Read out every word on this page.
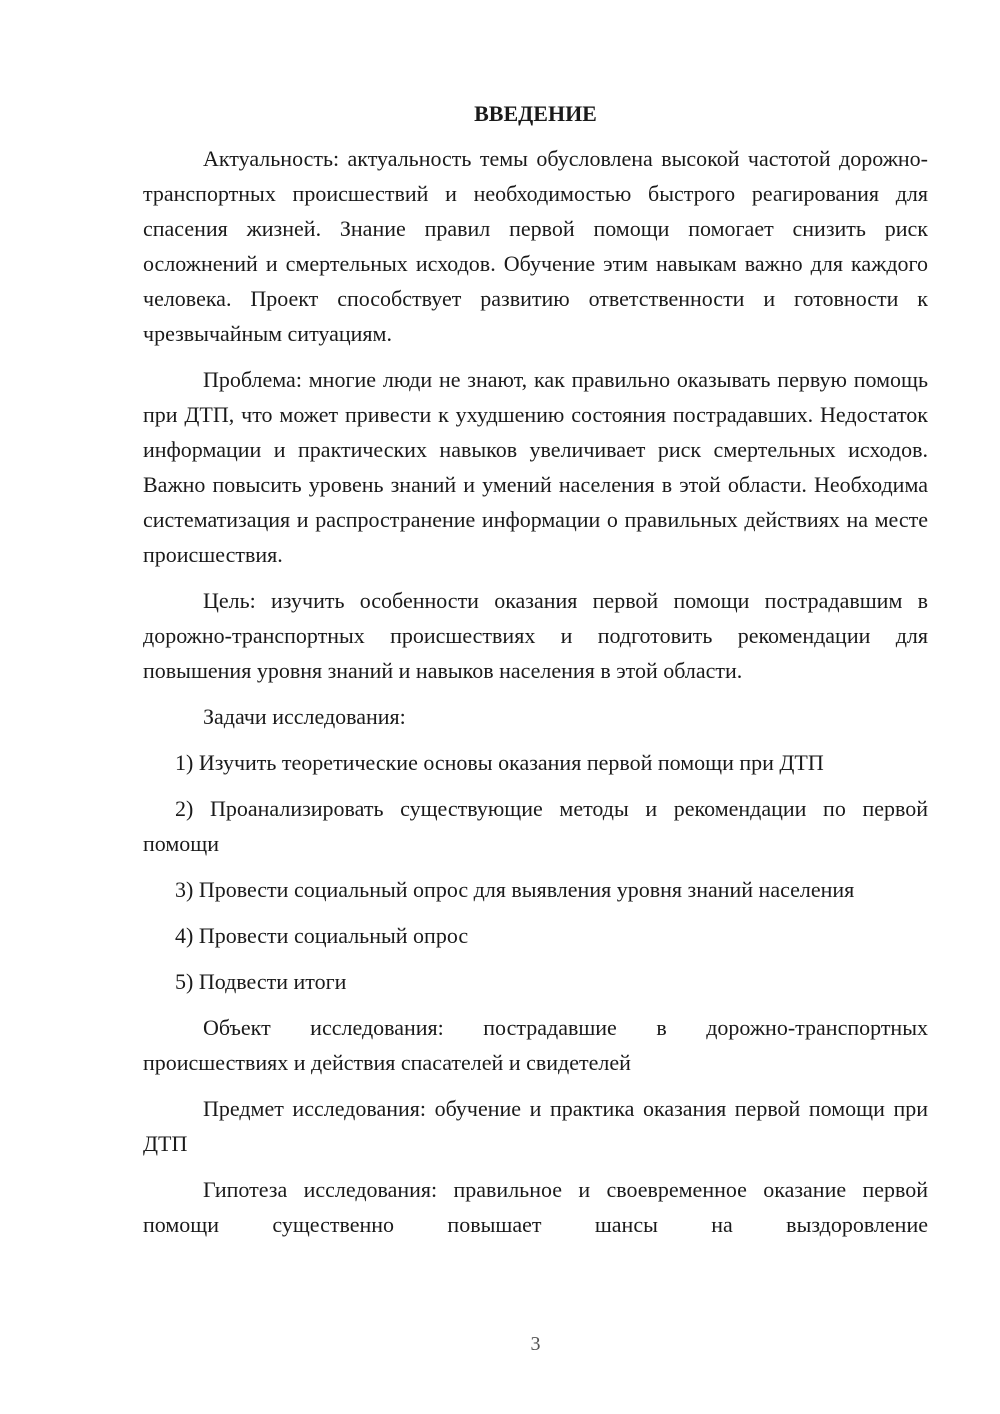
ВВЕДЕНИЕ

Актуальность: актуальность темы обусловлена высокой частотой дорожно-транспортных происшествий и необходимостью быстрого реагирования для спасения жизней. Знание правил первой помощи помогает снизить риск осложнений и смертельных исходов. Обучение этим навыкам важно для каждого человека. Проект способствует развитию ответственности и готовности к чрезвычайным ситуациям.

Проблема: многие люди не знают, как правильно оказывать первую помощь при ДТП, что может привести к ухудшению состояния пострадавших. Недостаток информации и практических навыков увеличивает риск смертельных исходов. Важно повысить уровень знаний и умений населения в этой области. Необходима систематизация и распространение информации о правильных действиях на месте происшествия.

Цель: изучить особенности оказания первой помощи пострадавшим в дорожно-транспортных происшествиях и подготовить рекомендации для повышения уровня знаний и навыков населения в этой области.

Задачи исследования:

1) Изучить теоретические основы оказания первой помощи при ДТП

2) Проанализировать существующие методы и рекомендации по первой помощи

3) Провести социальный опрос для выявления уровня знаний населения

4) Провести социальный опрос

5) Подвести итоги

Объект исследования: пострадавшие в дорожно-транспортных происшествиях и действия спасателей и свидетелей

Предмет исследования: обучение и практика оказания первой помощи при ДТП

Гипотеза исследования: правильное и своевременное оказание первой помощи существенно повышает шансы на выздоровление

3
